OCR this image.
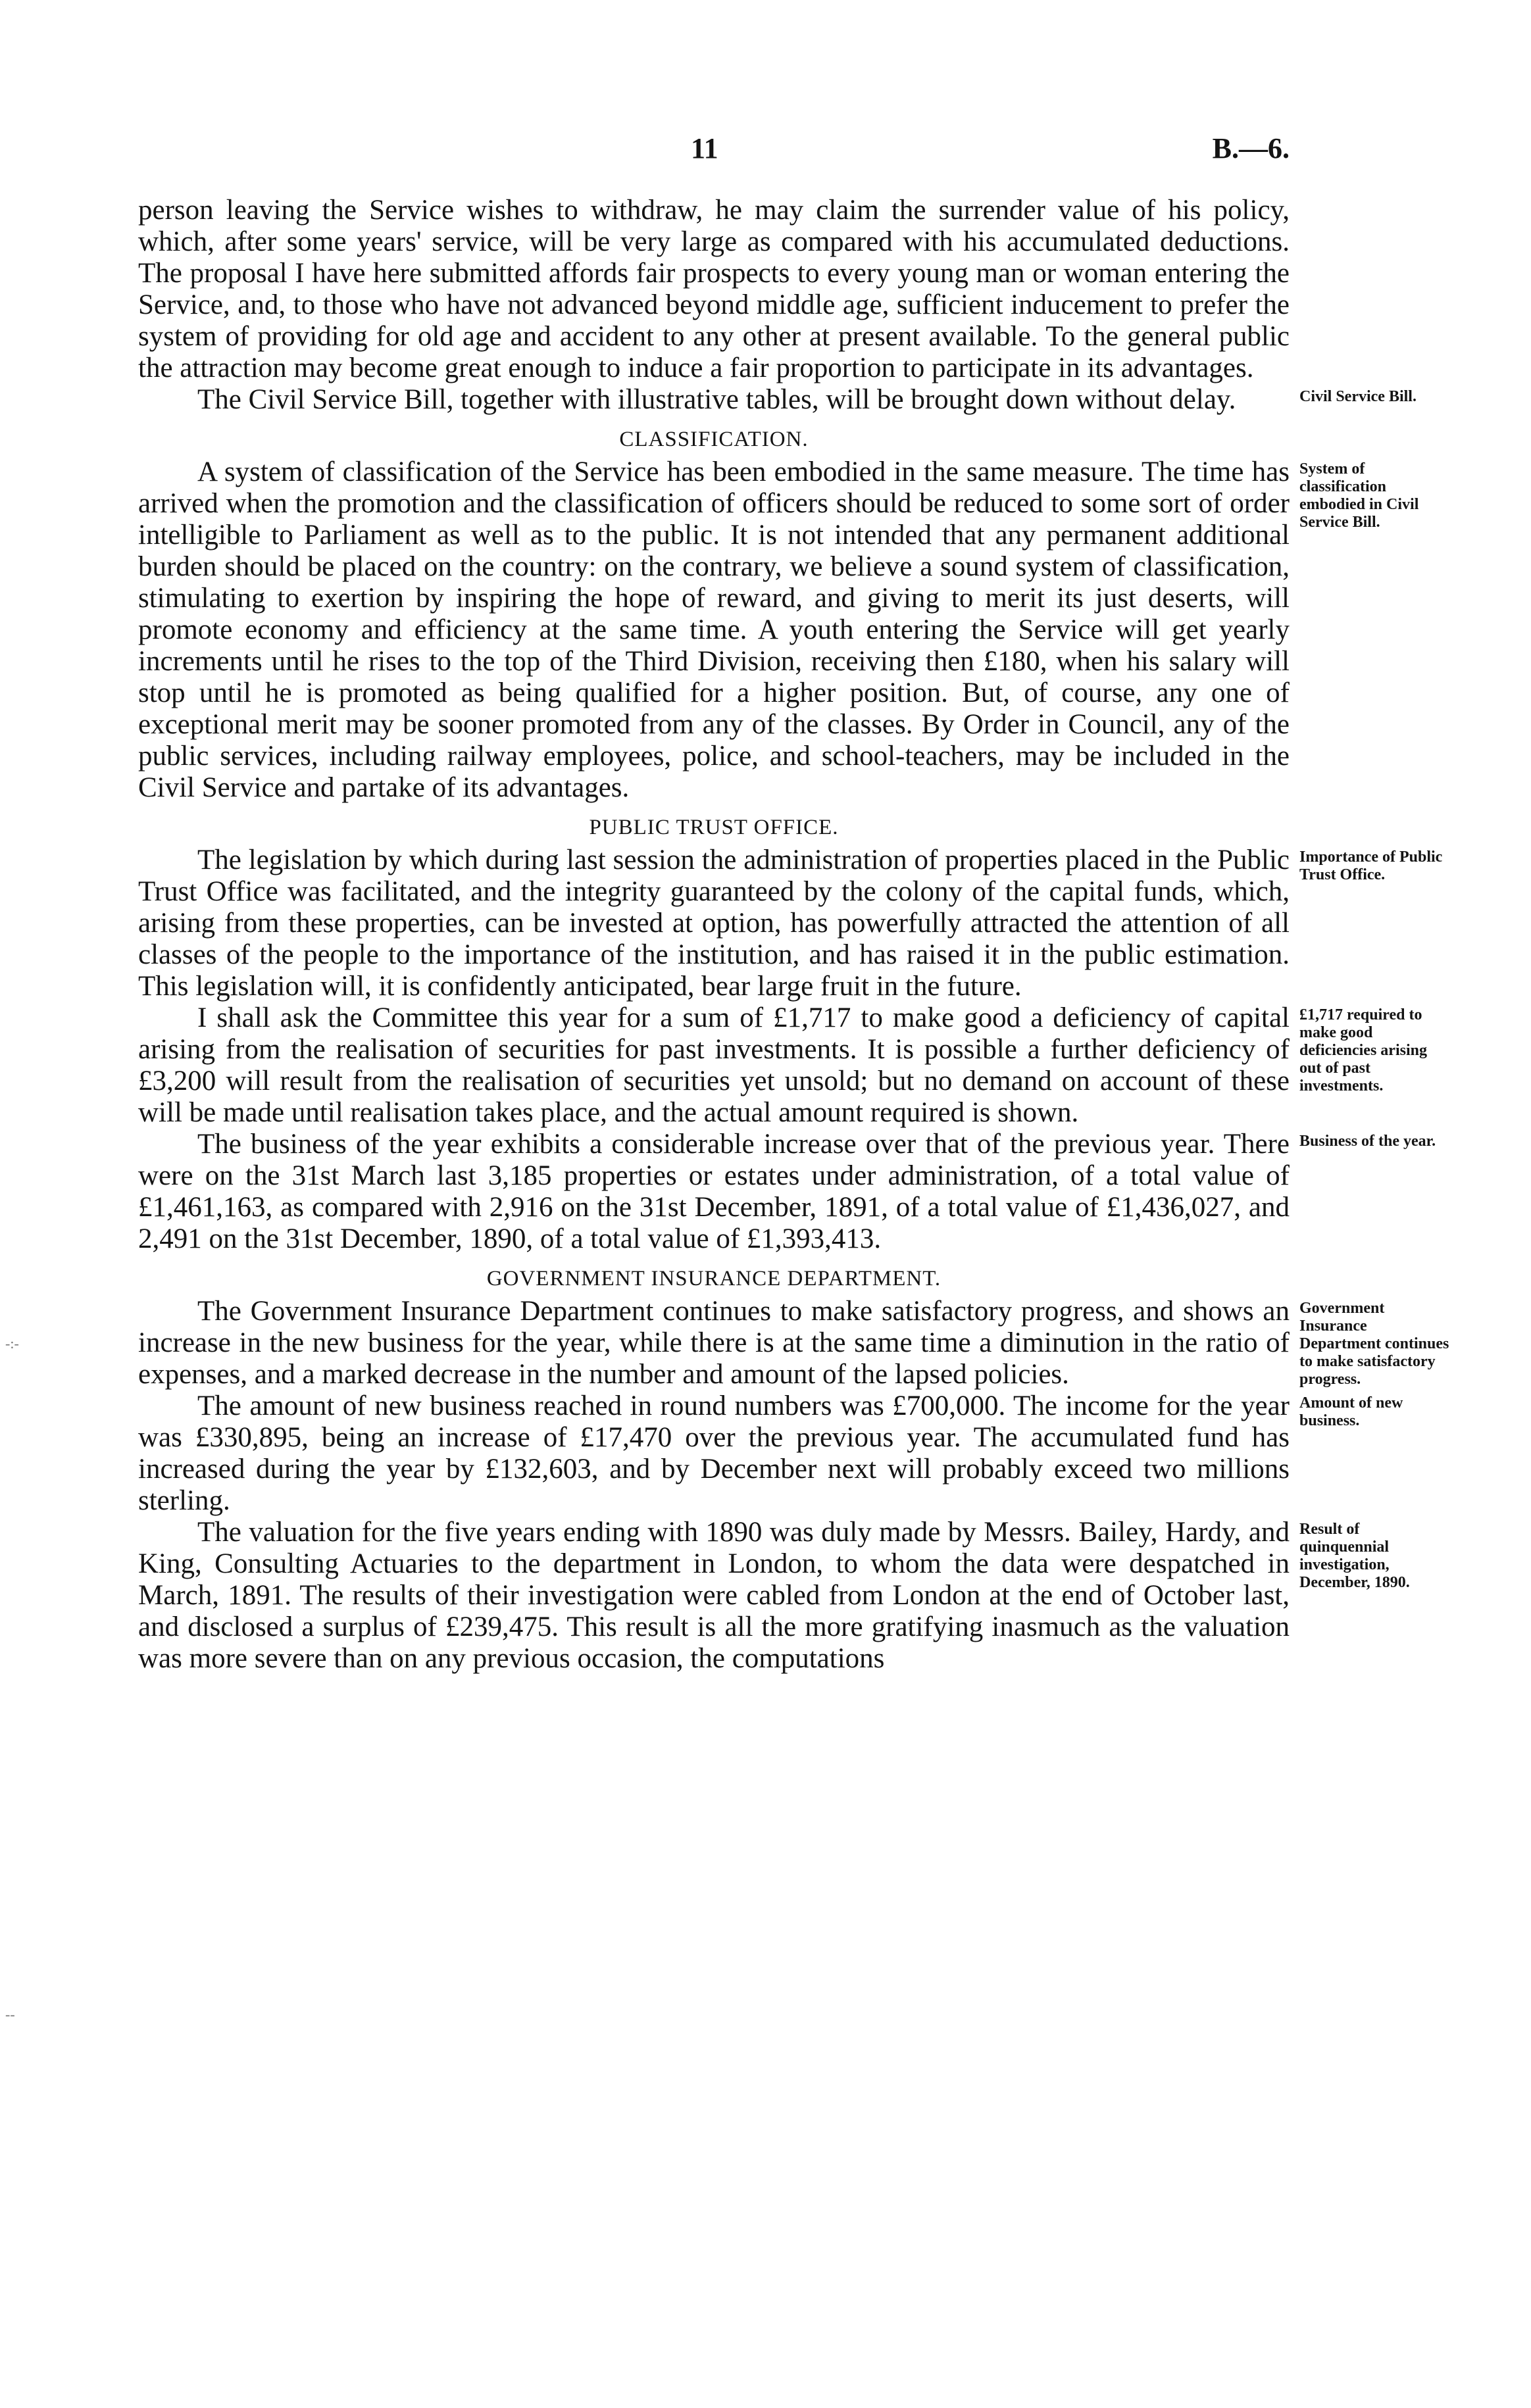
11	B.—6.
-:-
--

person leaving the Service wishes to withdraw, he may claim the surrender value of his policy, which, after some years' service, will be very large as compared with his accumulated deductions. The proposal I have here submitted affords fair prospects to every young man or woman entering the Service, and, to those who have not advanced beyond middle age, sufficient inducement to prefer the system of providing for old age and accident to any other at present available. To the general public the attraction may become great enough to induce a fair proportion to participate in its advantages.

The Civil Service Bill, together with illustrative tables, will be brought down without delay.	Civil Service Bill.
CLASSIFICATION.

A system of classification of the Service has been embodied in the same measure. The time has arrived when the promotion and the classification of officers should be reduced to some sort of order intelligible to Parliament as well as to the public. It is not intended that any permanent additional burden should be placed on the country: on the contrary, we believe a sound system of classification, stimulating to exertion by inspiring the hope of reward, and giving to merit its just deserts, will promote economy and efficiency at the same time. A youth entering the Service will get yearly increments until he rises to the top of the Third Division, receiving then £180, when his salary will stop until he is promoted as being qualified for a higher position. But, of course, any one of exceptional merit may be sooner promoted from any of the classes. By Order in Council, any of the public services, including railway employees, police, and school-teachers, may be included in the Civil Service and partake of its advantages.

System of classification embodied in Civil Service Bill.
PUBLIC TRUST OFFICE.

The legislation by which during last session the administration of properties placed in the Public Trust Office was facilitated, and the integrity guaranteed by the colony of the capital funds, which, arising from these properties, can be invested at option, has powerfully attracted the attention of all classes of the people to the importance of the institution, and has raised it in the public estimation. This legislation will, it is confidently anticipated, bear large fruit in the future.

Importance of Public Trust Office.

I shall ask the Committee this year for a sum of £1,717 to make good a deficiency of capital arising from the realisation of securities for past investments. It is possible a further deficiency of £3,200 will result from the realisation of securities yet unsold; but no demand on account of these will be made until realisation takes place, and the actual amount required is shown.

£1,717 required to make good deficiencies arising out of past investments.

The business of the year exhibits a considerable increase over that of the previous year. There were on the 31st March last 3,185 properties or estates under administration, of a total value of £1,461,163, as compared with 2,916 on the 31st December, 1891, of a total value of £1,436,027, and 2,491 on the 31st December, 1890, of a total value of £1,393,413.

Business of the year.
GOVERNMENT INSURANCE DEPARTMENT.

The Government Insurance Department continues to make satisfactory progress, and shows an increase in the new business for the year, while there is at the same time a diminution in the ratio of expenses, and a marked decrease in the number and amount of the lapsed policies.

Government Insurance Department continues to make satisfactory progress.

The amount of new business reached in round numbers was £700,000. The income for the year was £330,895, being an increase of £17,470 over the previous year. The accumulated fund has increased during the year by £132,603, and by December next will probably exceed two millions sterling.

Amount of new business.

The valuation for the five years ending with 1890 was duly made by Messrs. Bailey, Hardy, and King, Consulting Actuaries to the department in London, to whom the data were despatched in March, 1891. The results of their investigation were cabled from London at the end of October last, and disclosed a surplus of £239,475. This result is all the more gratifying inasmuch as the valuation was more severe than on any previous occasion, the computations

Result of quinquennial investigation, December, 1890.
